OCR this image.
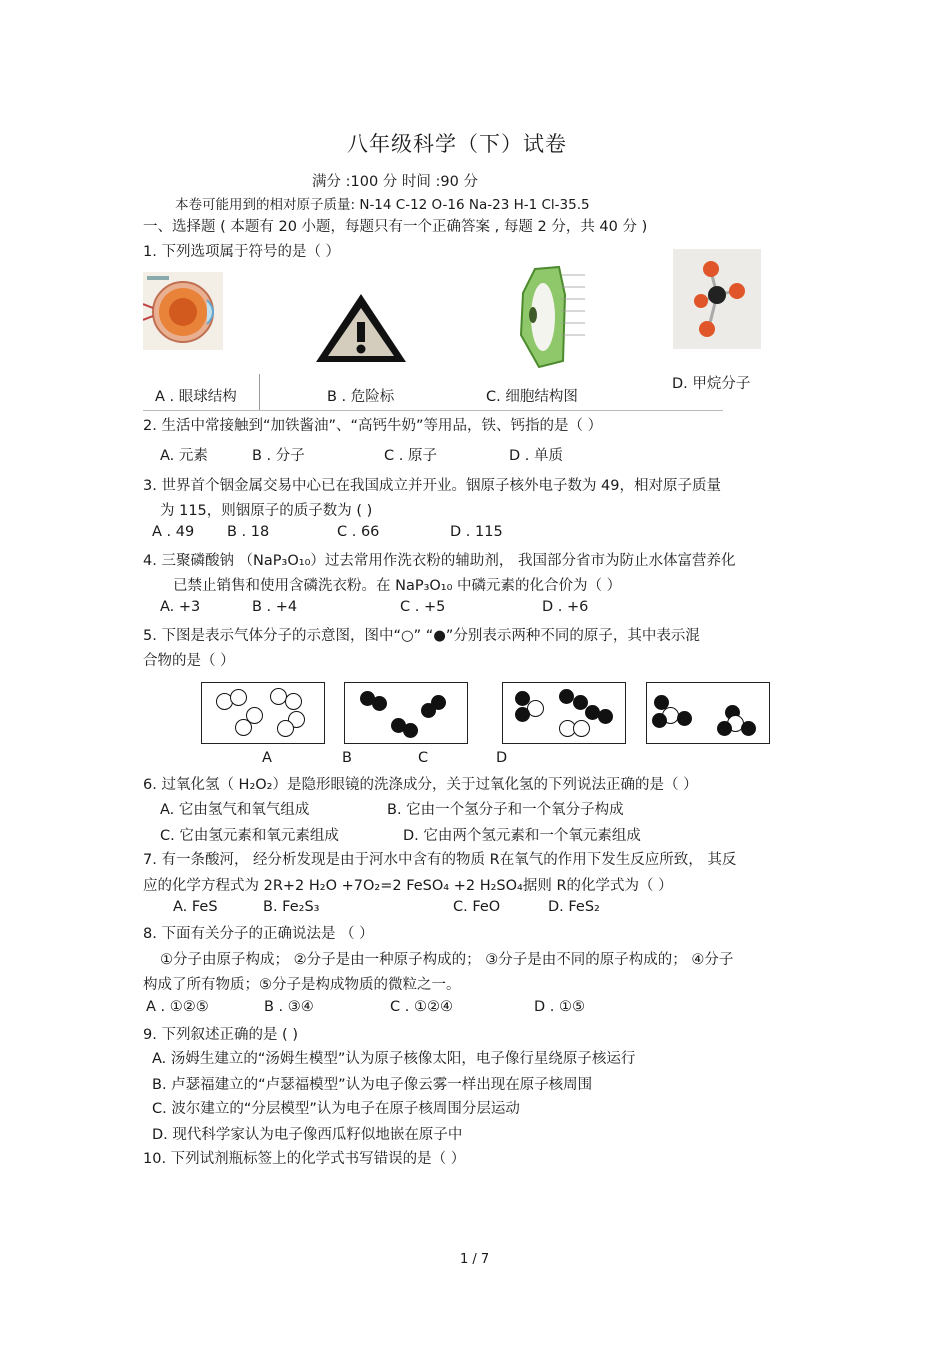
八年级科学（下）试卷
满分 :100 分 时间 :90 分
本卷可能用到的相对原子质量: N-14 C-12 O-16 Na-23 H-1 Cl-35.5
一、选择题 ( 本题有 20 小题，每题只有一个正确答案 , 每题 2 分，共 40 分 )
1. 下列选项属于符号的是（ ）
D. 甲烷分子
A . 眼球结构	B . 危险标	C. 细胞结构图
2. 生活中常接触到“加铁酱油”、“高钙牛奶”等用品，铁、钙指的是（ ）
A. 元素	B . 分子	C . 原子	D . 单质
3. 世界首个铟金属交易中心已在我国成立并开业。铟原子核外电子数为 49，相对原子质量
为 115，则铟原子的质子数为 ( )
A . 49 B . 18	C . 66	D . 115
4. 三聚磷酸钠 （NaP₃O₁₀）过去常用作洗衣粉的辅助剂， 我国部分省市为防止水体富营养化
已禁止销售和使用含磷洗衣粉。在 NaP₃O₁₀ 中磷元素的化合价为（ ）
A. +3	B . +4	C . +5	D . +6
5. 下图是表示气体分子的示意图，图中“○” “●”分别表示两种不同的原子，其中表示混
合物的是（ ）
A	B	C	D
6. 过氧化氢（ H₂O₂）是隐形眼镜的洗涤成分，关于过氧化氢的下列说法正确的是（ ）
A. 它由氢气和氧气组成	B. 它由一个氢分子和一个氧分子构成
C. 它由氢元素和氧元素组成	D. 它由两个氢元素和一个氧元素组成
7. 有一条酸河， 经分析发现是由于河水中含有的物质 R在氧气的作用下发生反应所致， 其反
应的化学方程式为 2R+2 H₂O +7O₂=2 FeSO₄ +2 H₂SO₄据则 R的化学式为（ ）
A. FeS	B. Fe₂S₃	C. FeO	D. FeS₂
8. 下面有关分子的正确说法是 （ ）
①分子由原子构成； ②分子是由一种原子构成的； ③分子是由不同的原子构成的； ④分子
构成了所有物质；⑤分子是构成物质的微粒之一。
A . ①②⑤	B . ③④	C . ①②④	D . ①⑤
9. 下列叙述正确的是 ( )
A. 汤姆生建立的“汤姆生模型”认为原子核像太阳，电子像行星绕原子核运行
B. 卢瑟福建立的“卢瑟福模型”认为电子像云雾一样出现在原子核周围
C. 波尔建立的“分层模型”认为电子在原子核周围分层运动
D. 现代科学家认为电子像西瓜籽似地嵌在原子中
10. 下列试剂瓶标签上的化学式书写错误的是（ ）
1 / 7
